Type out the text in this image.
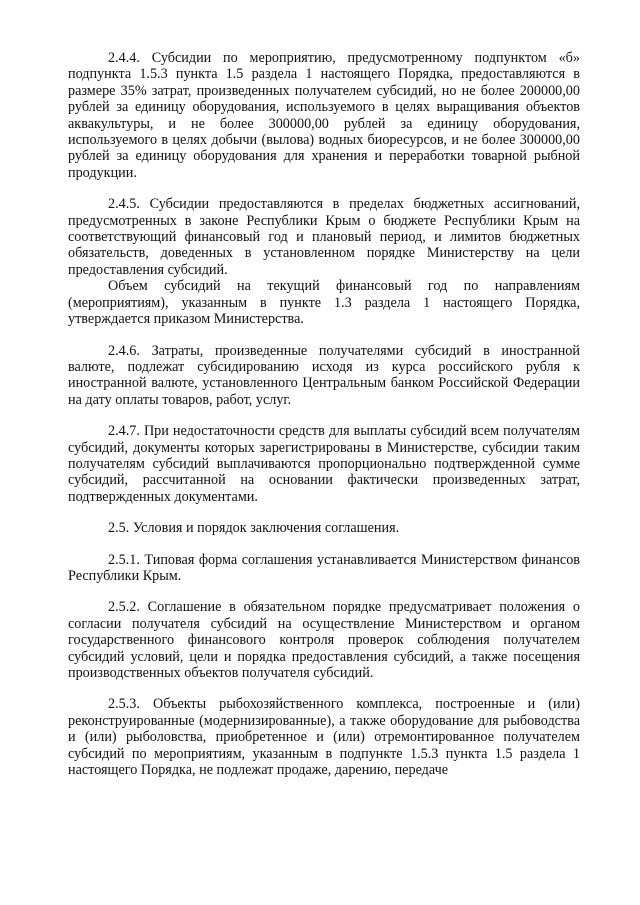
2.4.4. Субсидии по мероприятию, предусмотренному подпунктом «б» подпункта 1.5.3 пункта 1.5 раздела 1 настоящего Порядка, предоставляются в размере 35% затрат, произведенных получателем субсидий, но не более 200000,00 рублей за единицу оборудования, используемого в целях выращивания объектов аквакультуры, и не более 300000,00 рублей за единицу оборудования, используемого в целях добычи (вылова) водных биоресурсов, и не более 300000,00 рублей за единицу оборудования для хранения и переработки товарной рыбной продукции.

2.4.5. Субсидии предоставляются в пределах бюджетных ассигнований, предусмотренных в законе Республики Крым о бюджете Республики Крым на соответствующий финансовый год и плановый период, и лимитов бюджетных обязательств, доведенных в установленном порядке Министерству на цели предоставления субсидий.

Объем субсидий на текущий финансовый год по направлениям (мероприятиям), указанным в пункте 1.3 раздела 1 настоящего Порядка, утверждается приказом Министерства.

2.4.6. Затраты, произведенные получателями субсидий в иностранной валюте, подлежат субсидированию исходя из курса российского рубля к иностранной валюте, установленного Центральным банком Российской Федерации на дату оплаты товаров, работ, услуг.

2.4.7. При недостаточности средств для выплаты субсидий всем получателям субсидий, документы которых зарегистрированы в Министерстве, субсидии таким получателям субсидий выплачиваются пропорционально подтвержденной сумме субсидий, рассчитанной на основании фактически произведенных затрат, подтвержденных документами.

2.5. Условия и порядок заключения соглашения.

2.5.1. Типовая форма соглашения устанавливается Министерством финансов Республики Крым.

2.5.2. Соглашение в обязательном порядке предусматривает положения о согласии получателя субсидий на осуществление Министерством и органом государственного финансового контроля проверок соблюдения получателем субсидий условий, цели и порядка предоставления субсидий, а также посещения производственных объектов получателя субсидий.

2.5.3. Объекты рыбохозяйственного комплекса, построенные и (или) реконструированные (модернизированные), а также оборудование для рыбоводства и (или) рыболовства, приобретенное и (или) отремонтированное получателем субсидий по мероприятиям, указанным в подпункте 1.5.3 пункта 1.5 раздела 1 настоящего Порядка, не подлежат продаже, дарению, передаче
